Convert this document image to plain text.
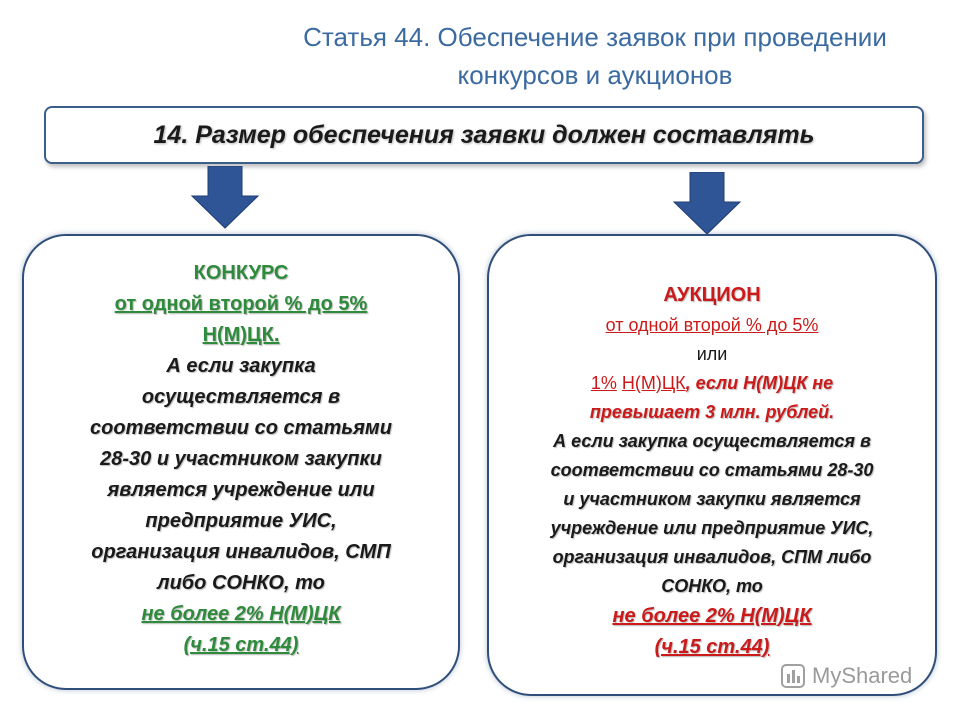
Статья 44. Обеспечение заявок при проведении
конкурсов и аукционов
14. Размер обеспечения заявки должен составлять
КОНКУРС
от одной второй % до 5%
Н(М)ЦК.
А если закупка
осуществляется в
соответствии со статьями
28-30 и участником закупки
является учреждение или
предприятие УИС,
организация инвалидов, СМП
либо СОНКО, то
не более 2% Н(М)ЦК
(ч.15 ст.44)
АУКЦИОН
от одной второй % до 5%
или
1% Н(М)ЦК, если Н(М)ЦК не
превышает 3 млн. рублей.
А если закупка осуществляется в
соответствии со статьями 28-30
и участником закупки является
учреждение или предприятие УИС,
организация инвалидов, СПМ либо
СОНКО, то
не более 2% Н(М)ЦК
(ч.15 ст.44)
MyShared
